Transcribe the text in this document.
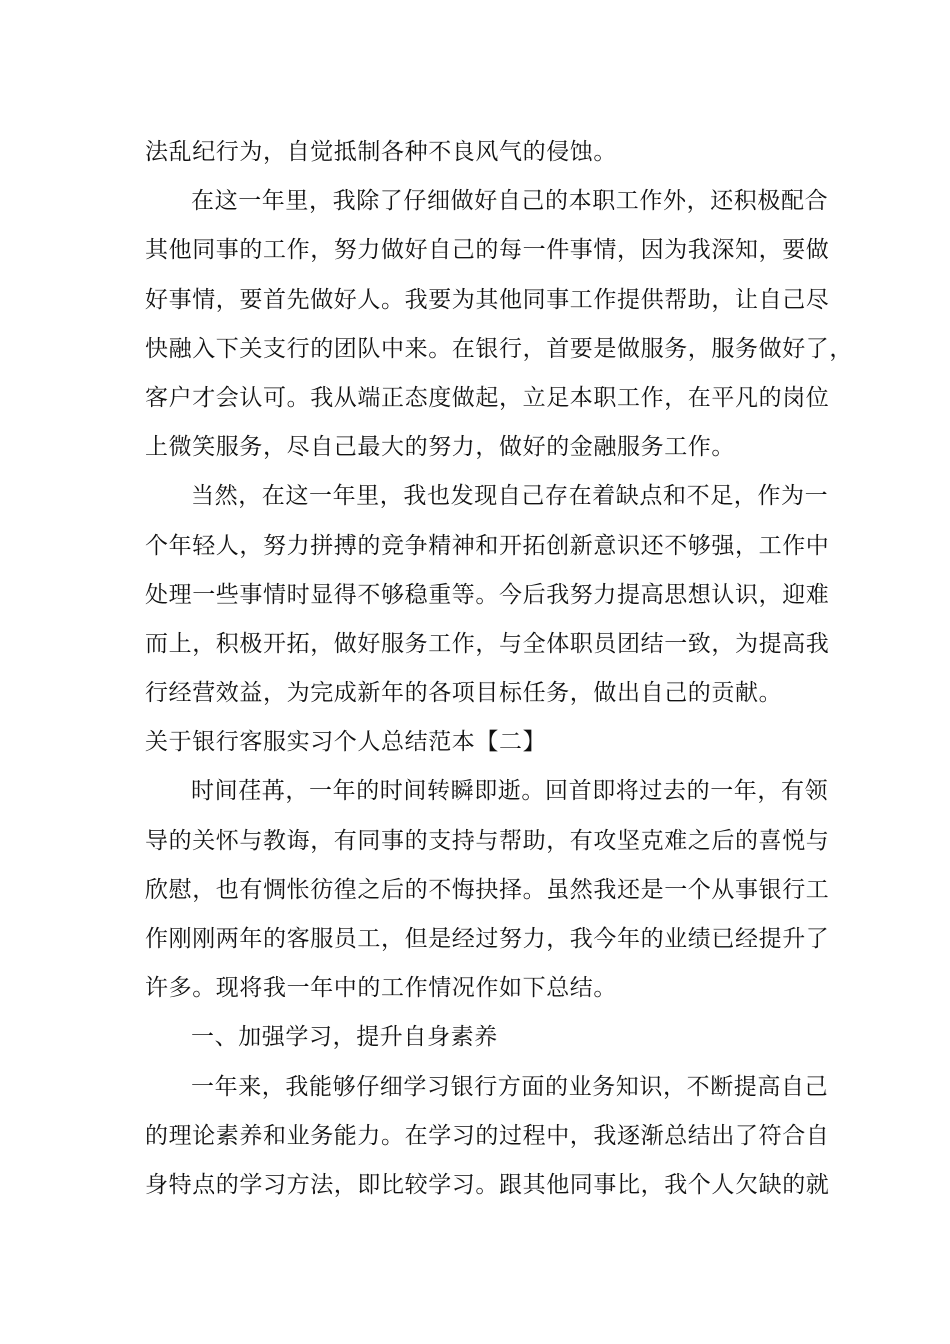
法乱纪行为，自觉抵制各种不良风气的侵蚀。
在这一年里，我除了仔细做好自己的本职工作外，还积极配合
其他同事的工作，努力做好自己的每一件事情，因为我深知，要做
好事情，要首先做好人。我要为其他同事工作提供帮助，让自己尽
快融入下关支行的团队中来。在银行，首要是做服务，服务做好了，
客户才会认可。我从端正态度做起，立足本职工作，在平凡的岗位
上微笑服务，尽自己最大的努力，做好的金融服务工作。
当然，在这一年里，我也发现自己存在着缺点和不足，作为一
个年轻人，努力拼搏的竞争精神和开拓创新意识还不够强，工作中
处理一些事情时显得不够稳重等。今后我努力提高思想认识，迎难
而上，积极开拓，做好服务工作，与全体职员团结一致，为提高我
行经营效益，为完成新年的各项目标任务，做出自己的贡献。
关于银行客服实习个人总结范本【二】
时间荏苒，一年的时间转瞬即逝。回首即将过去的一年，有领
导的关怀与教诲，有同事的支持与帮助，有攻坚克难之后的喜悦与
欣慰，也有惆怅彷徨之后的不悔抉择。虽然我还是一个从事银行工
作刚刚两年的客服员工，但是经过努力，我今年的业绩已经提升了
许多。现将我一年中的工作情况作如下总结。
一、加强学习，提升自身素养
一年来，我能够仔细学习银行方面的业务知识，不断提高自己
的理论素养和业务能力。在学习的过程中，我逐渐总结出了符合自
身特点的学习方法，即比较学习。跟其他同事比，我个人欠缺的就
